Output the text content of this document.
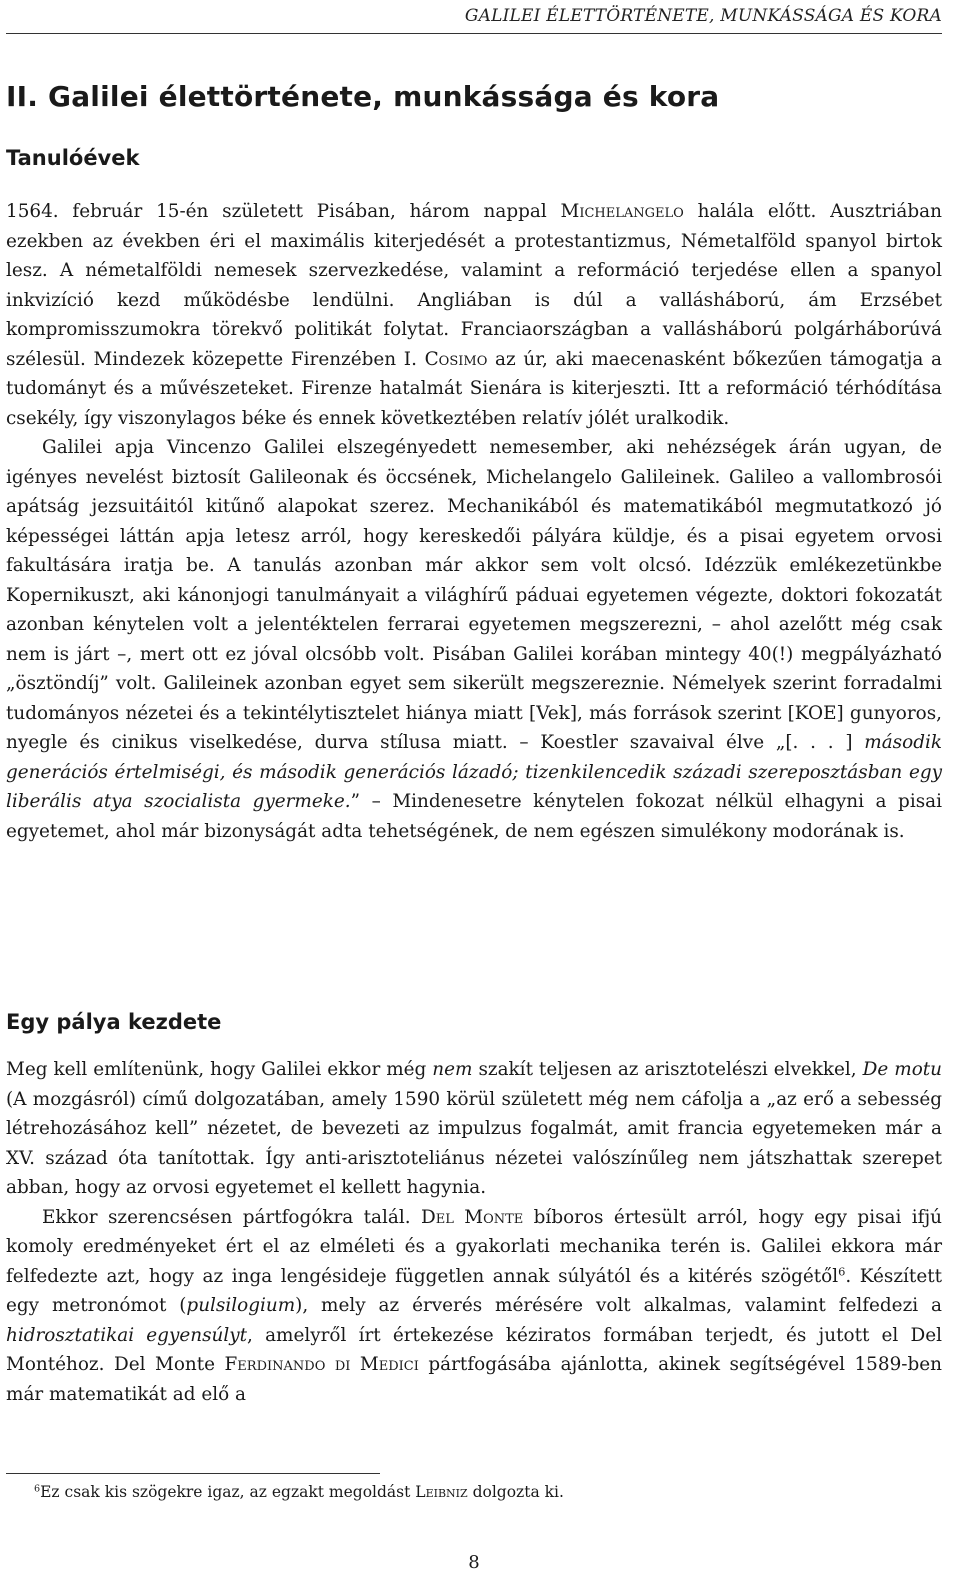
GALILEI ÉLETTÖRTÉNETE, MUNKÁSSÁGA ÉS KORA
II. Galilei élettörténete, munkássága és kora
Tanulóévek

1564. február 15-én született Pisában, három nappal Michelangelo halála előtt. Ausztriában ezekben az években éri el maximális kiterjedését a protestantizmus, Németalföld spanyol birtok lesz. A németalföldi nemesek szervezkedése, valamint a reformáció terjedése ellen a spanyol inkvizíció kezd működésbe lendülni. Angliában is dúl a vallásháború, ám Erzsébet kompromisszumokra törekvő politikát folytat. Franciaországban a vallásháború polgárháborúvá szélesül. Mindezek közepette Firenzében I. Cosimo az úr, aki maecenasként bőkezűen támogatja a tudományt és a művészeteket. Firenze hatalmát Sienára is kiterjeszti. Itt a reformáció térhódítása csekély, így viszonylagos béke és ennek következtében relatív jólét uralkodik.

Galilei apja Vincenzo Galilei elszegényedett nemesember, aki nehézségek árán ugyan, de igényes nevelést biztosít Galileonak és öccsének, Michelangelo Galileinek. Galileo a vallombrosói apátság jezsuitáitól kitűnő alapokat szerez. Mechanikából és matematikából megmutatkozó jó képességei láttán apja letesz arról, hogy kereskedői pályára küldje, és a pisai egyetem orvosi fakultására iratja be. A tanulás azonban már akkor sem volt olcsó. Idézzük emlékezetünkbe Kopernikuszt, aki kánonjogi tanulmányait a világhírű páduai egyetemen végezte, doktori fokozatát azonban kénytelen volt a jelentéktelen ferrarai egyetemen megszerezni, – ahol azelőtt még csak nem is járt –, mert ott ez jóval olcsóbb volt. Pisában Galilei korában mintegy 40(!) megpályázható „ösztöndíj” volt. Galileinek azonban egyet sem sikerült megszereznie. Némelyek szerint forradalmi tudományos nézetei és a tekintélytisztelet hiánya miatt [Vek], más források szerint [KOE] gunyoros, nyegle és cinikus viselkedése, durva stílusa miatt. – Koestler szavaival élve „[. . . ] második generációs értelmiségi, és második generációs lázadó; tizenkilencedik századi szereposztásban egy liberális atya szocialista gyermeke.” – Mindenesetre kénytelen fokozat nélkül elhagyni a pisai egyetemet, ahol már bizonyságát adta tehetségének, de nem egészen simulékony modorának is.

Egy pálya kezdete

Meg kell említenünk, hogy Galilei ekkor még nem szakít teljesen az arisztotelészi elvekkel, De motu (A mozgásról) című dolgozatában, amely 1590 körül született még nem cáfolja a „az erő a sebesség létrehozásához kell” nézetet, de bevezeti az impulzus fogalmát, amit francia egyetemeken már a XV. század óta tanítottak. Így anti-arisztoteliánus nézetei valószínűleg nem játszhattak szerepet abban, hogy az orvosi egyetemet el kellett hagynia.

Ekkor szerencsésen pártfogókra talál. Del Monte bíboros értesült arról, hogy egy pisai ifjú komoly eredményeket ért el az elméleti és a gyakorlati mechanika terén is. Galilei ekkora már felfedezte azt, hogy az inga lengésideje független annak súlyától és a kitérés szögétől$^6$. Készített egy metronómot (pulsilogium), mely az érverés mérésére volt alkalmas, valamint felfedezi a hidrosztatikai egyensúlyt, amelyről írt értekezése kéziratos formában terjedt, és jutott el Del Montéhoz. Del Monte Ferdinando di Medici pártfogásába ajánlotta, akinek segítségével 1589-ben már matematikát ad elő a

$^6$Ez csak kis szögekre igaz, az egzakt megoldást Leibniz dolgozta ki.
8
